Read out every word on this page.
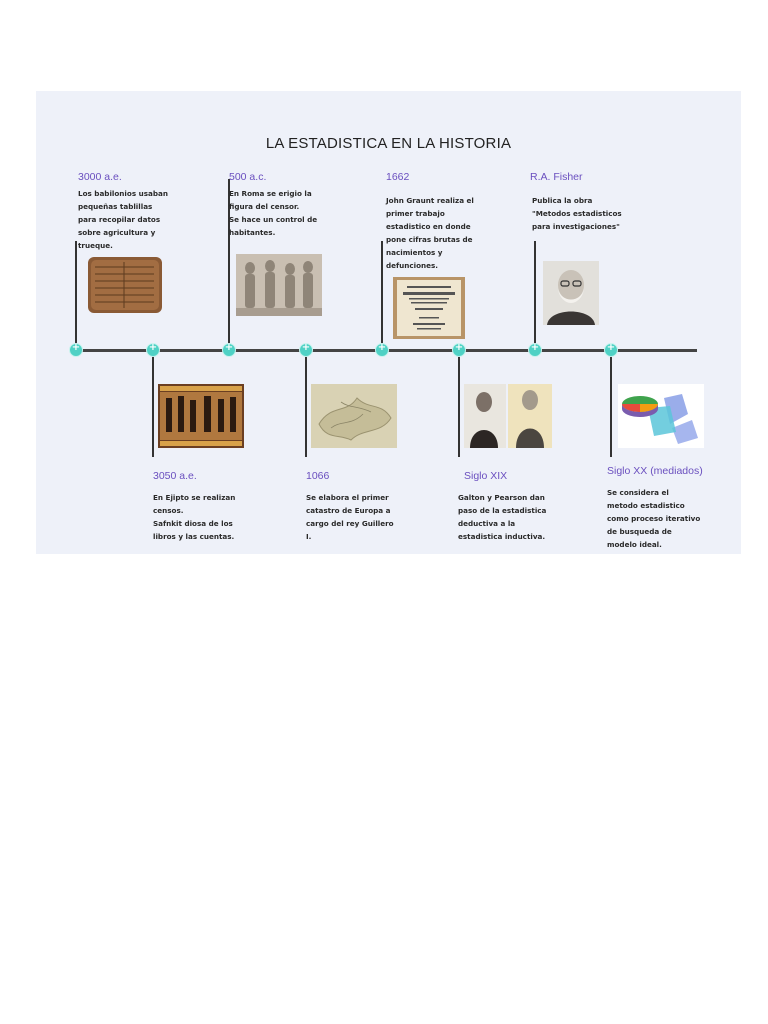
LA ESTADISTICA EN LA HISTORIA
3000 a.e.
Los babilonios usaban
pequeñas tablillas
para recopilar datos
sobre agricultura y
trueque.
+
3050 a.e.
En Ejipto se realizan
censos.
Safnkit diosa de los
libros y las cuentas.
+
500 a.c.
En Roma se erigio la
figura del censor.
Se hace un control de
habitantes.
+
1066
Se elabora el primer
catastro de Europa a
cargo del rey Guillero
I.
+
1662
John Graunt realiza el
primer trabajo
estadistico en donde
pone cifras brutas de
nacimientos y
defunciones.
+
Siglo XIX
Galton y Pearson dan
paso de la estadistica
deductiva a la
estadistica inductiva.
+
R.A. Fisher
Publica la obra
"Metodos estadisticos
para investigaciones"
+
Siglo XX (mediados)
Se considera el
metodo estadistico
como proceso iterativo
de busqueda de
modelo ideal.
+
